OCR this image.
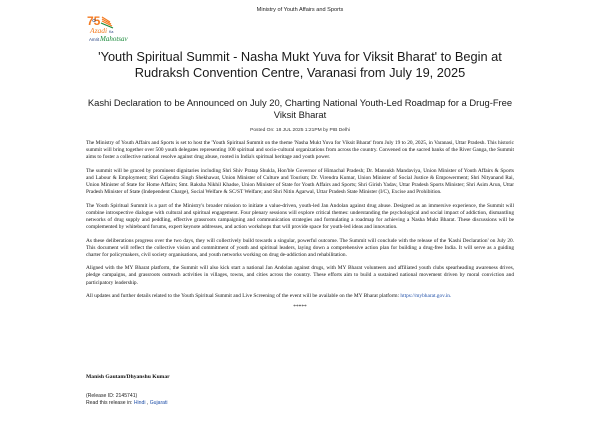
Ministry of Youth Affairs and Sports
75
Azadi Ka
Amrit Mahotsav
'Youth Spiritual Summit - Nasha Mukt Yuva for Viksit Bharat' to Begin at Rudraksh Convention Centre, Varanasi from July 19, 2025
Kashi Declaration to be Announced on July 20, Charting National Youth-Led Roadmap for a Drug-Free Viksit Bharat
Posted On: 18 JUL 2025 1:21PM by PIB Delhi

The Ministry of Youth Affairs and Sports is set to host the 'Youth Spiritual Summit on the theme 'Nasha Mukt Yuva for Viksit Bharat' from July 19 to 20, 2025, in Varanasi, Uttar Pradesh. This historic summit will bring together over 500 youth delegates representing 100 spiritual and socio-cultural organizations from across the country. Convened on the sacred banks of the River Ganga, the Summit aims to foster a collective national resolve against drug abuse, rooted in India's spiritual heritage and youth power.

The summit will be graced by prominent dignitaries including Shri Shiv Pratap Shukla, Hon'ble Governor of Himachal Pradesh; Dr. Mansukh Mandaviya, Union Minister of Youth Affairs & Sports and Labour & Employment; Shri Gajendra Singh Shekhawat, Union Minister of Culture and Tourism; Dr. Virendra Kumar, Union Minister of Social Justice & Empowerment; Shri Nityanand Rai, Union Minister of State for Home Affairs; Smt. Raksha Nikhil Khadse, Union Minister of State for Youth Affairs and Sports; Shri Girish Yadav, Uttar Pradesh Sports Minister; Shri Asim Arun, Uttar Pradesh Minister of State (Independent Charge), Social Welfare & SC/ST Welfare; and Shri Nitin Agarwal, Uttar Pradesh State Minister (I/C), Excise and Prohibition.

The Youth Spiritual Summit is a part of the Ministry's broader mission to initiate a value-driven, youth-led Jan Andolan against drug abuse. Designed as an immersive experience, the Summit will combine introspective dialogue with cultural and spiritual engagement. Four plenary sessions will explore critical themes: understanding the psychological and social impact of addiction, dismantling networks of drug supply and peddling, effective grassroots campaigning and communication strategies and formulating a roadmap for achieving a Nasha Mukt Bharat. These discussions will be complemented by whiteboard forums, expert keynote addresses, and action workshops that will provide space for youth-led ideas and innovation.

As these deliberations progress over the two days, they will collectively build towards a singular, powerful outcome. The Summit will conclude with the release of the 'Kashi Declaration' on July 20. This document will reflect the collective vision and commitment of youth and spiritual leaders, laying down a comprehensive action plan for building a drug-free India. It will serve as a guiding charter for policymakers, civil society organisations, and youth networks working on drug de-addiction and rehabilitation.

Aligned with the MY Bharat platform, the Summit will also kick start a national Jan Andolan against drugs, with MY Bharat volunteers and affiliated youth clubs spearheading awareness drives, pledge campaigns, and grassroots outreach activities in villages, towns, and cities across the country. These efforts aim to build a sustained national movement driven by moral conviction and participatory leadership.

All updates and further details related to the Youth Spiritual Summit and Live Screening of the event will be available on the MY Bharat platform: https://mybharat.gov.in.

*****
Manish Gautam/Dhyanshu Kumar
(Release ID: 2145741)
Read this release in: Hindi , Gujarati
